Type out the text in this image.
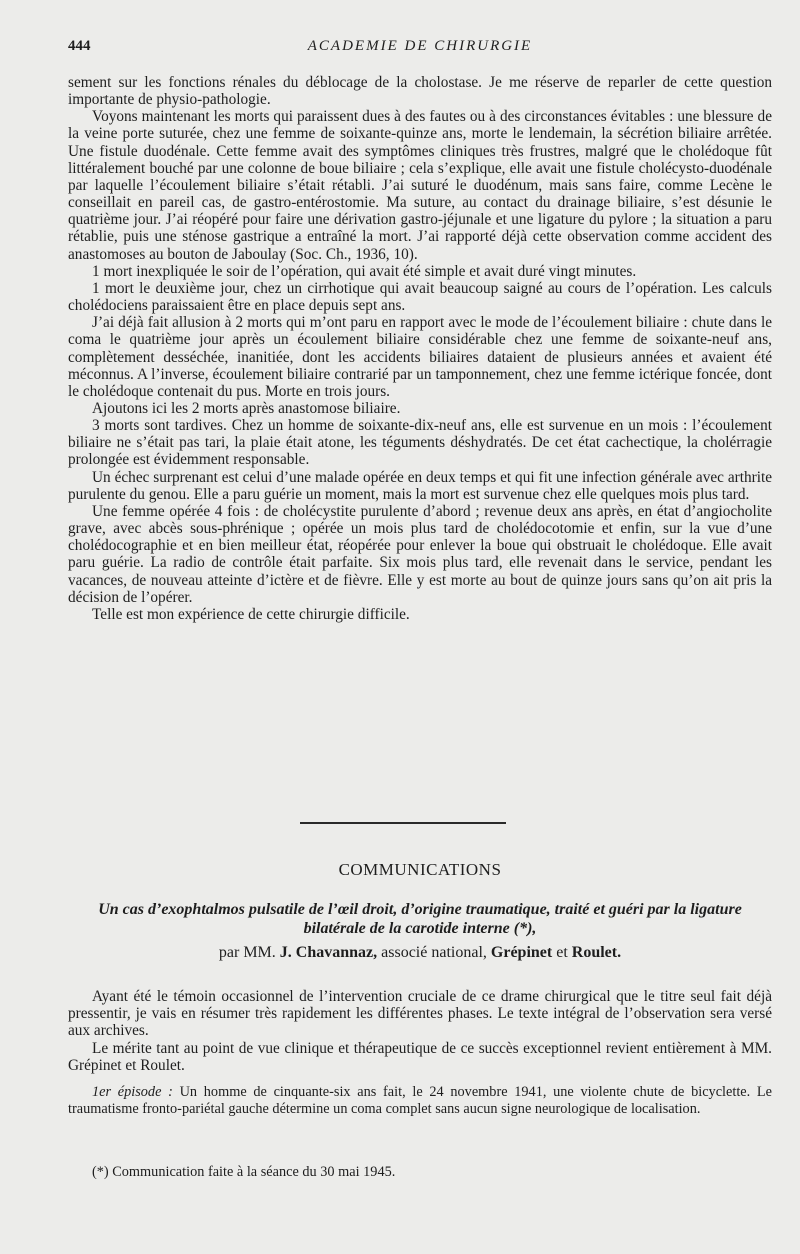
444	ACADEMIE DE CHIRURGIE

sement sur les fonctions rénales du déblocage de la cholostase. Je me réserve de reparler de cette question importante de physio-pathologie.

Voyons maintenant les morts qui paraissent dues à des fautes ou à des circonstances évitables : une blessure de la veine porte suturée, chez une femme de soixante-quinze ans, morte le lendemain, la sécrétion biliaire arrêtée. Une fistule duodénale. Cette femme avait des symptômes cliniques très frustres, malgré que le cholédoque fût littéralement bouché par une colonne de boue biliaire ; cela s’explique, elle avait une fistule cholécysto-duodénale par laquelle l’écoulement biliaire s’était rétabli. J’ai suturé le duodénum, mais sans faire, comme Lecène le conseillait en pareil cas, de gastro-entérostomie. Ma suture, au contact du drainage biliaire, s’est désunie le quatrième jour. J’ai réopéré pour faire une dérivation gastro-jéjunale et une ligature du pylore ; la situation a paru rétablie, puis une sténose gastrique a entraîné la mort. J’ai rapporté déjà cette observation comme accident des anastomoses au bouton de Jaboulay (Soc. Ch., 1936, 10).

1 mort inexpliquée le soir de l’opération, qui avait été simple et avait duré vingt minutes.

1 mort le deuxième jour, chez un cirrhotique qui avait beaucoup saigné au cours de l’opération. Les calculs cholédociens paraissaient être en place depuis sept ans.

J’ai déjà fait allusion à 2 morts qui m’ont paru en rapport avec le mode de l’écoulement biliaire : chute dans le coma le quatrième jour après un écoulement biliaire considérable chez une femme de soixante-neuf ans, complètement desséchée, inanitiée, dont les accidents biliaires dataient de plusieurs années et avaient été méconnus. A l’inverse, écoulement biliaire contrarié par un tamponnement, chez une femme ictérique foncée, dont le cholédoque contenait du pus. Morte en trois jours.

Ajoutons ici les 2 morts après anastomose biliaire.

3 morts sont tardives. Chez un homme de soixante-dix-neuf ans, elle est survenue en un mois : l’écoulement biliaire ne s’était pas tari, la plaie était atone, les téguments déshydratés. De cet état cachectique, la cholérragie prolongée est évidemment responsable.

Un échec surprenant est celui d’une malade opérée en deux temps et qui fit une infection générale avec arthrite purulente du genou. Elle a paru guérie un moment, mais la mort est survenue chez elle quelques mois plus tard.

Une femme opérée 4 fois : de cholécystite purulente d’abord ; revenue deux ans après, en état d’angiocholite grave, avec abcès sous-phrénique ; opérée un mois plus tard de cholédocotomie et enfin, sur la vue d’une cholédocographie et en bien meilleur état, réopérée pour enlever la boue qui obstruait le cholédoque. Elle avait paru guérie. La radio de contrôle était parfaite. Six mois plus tard, elle revenait dans le service, pendant les vacances, de nouveau atteinte d’ictère et de fièvre. Elle y est morte au bout de quinze jours sans qu’on ait pris la décision de l’opérer.

Telle est mon expérience de cette chirurgie difficile.

COMMUNICATIONS
Un cas d’exophtalmos pulsatile de l’œil droit, d’origine traumatique, traité et guéri par la ligature bilatérale de la carotide interne (*),
par MM. J. Chavannaz, associé national, Grépinet et Roulet.

Ayant été le témoin occasionnel de l’intervention cruciale de ce drame chirurgical que le titre seul fait déjà pressentir, je vais en résumer très rapidement les différentes phases. Le texte intégral de l’observation sera versé aux archives.

Le mérite tant au point de vue clinique et thérapeutique de ce succès exceptionnel revient entièrement à MM. Grépinet et Roulet.

1er épisode : Un homme de cinquante-six ans fait, le 24 novembre 1941, une violente chute de bicyclette. Le traumatisme fronto-pariétal gauche détermine un coma complet sans aucun signe neurologique de localisation.

(*) Communication faite à la séance du 30 mai 1945.
